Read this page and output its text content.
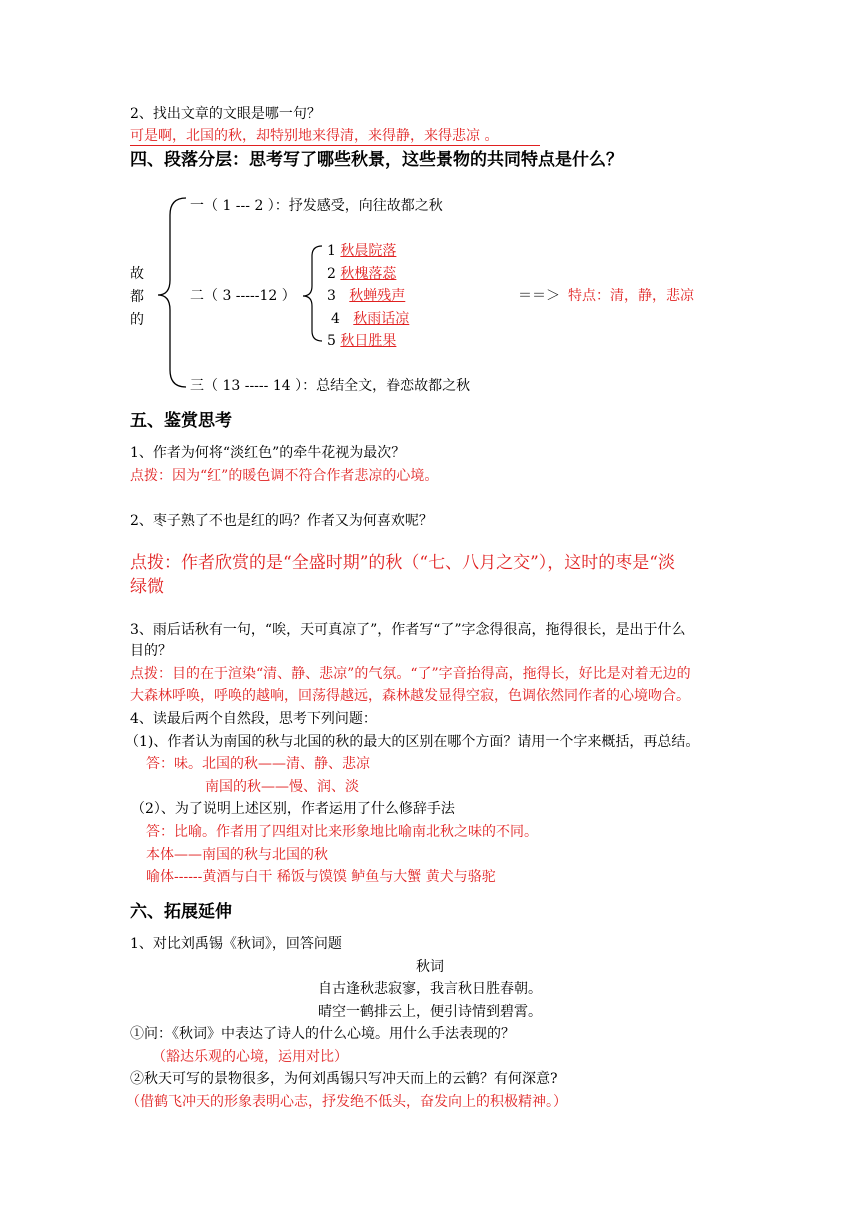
2、找出文章的文眼是哪一句？
可是啊，北国的秋，却特别地来得清，来得静，来得悲凉 。
四、段落分层：思考写了哪些秋景，这些景物的共同特点是什么？
故
都
的
一（ 1 --- 2 ）：抒发感受，向往故都之秋
二（ 3 -----12 ）
1 秋晨院落
2 秋槐落蕊
3 秋蝉残声
4 秋雨话凉
5 秋日胜果
＝＝＞ 特点：清，静，悲凉
三（ 13 ----- 14 ）：总结全文，眷恋故都之秋
五、鉴赏思考
1、作者为何将“淡红色”的牵牛花视为最次？
点拨：因为“红”的暖色调不符合作者悲凉的心境。
2、枣子熟了不也是红的吗？作者又为何喜欢呢？
点拨：作者欣赏的是“全盛时期”的秋（“七、八月之交”），这时的枣是“淡
绿微
3、雨后话秋有一句，“唉，天可真凉了”，作者写“了”字念得很高，拖得很长，是出于什么
目的？
点拨：目的在于渲染“清、静、悲凉”的气氛。“了”字音抬得高，拖得长，好比是对着无边的
大森林呼唤，呼唤的越响，回荡得越远，森林越发显得空寂，色调依然同作者的心境吻合。
4、读最后两个自然段，思考下列问题：
（1)、作者认为南国的秋与北国的秋的最大的区别在哪个方面？请用一个字来概括，再总结。
答：味。北国的秋——清、静、悲凉
南国的秋——慢、润、淡
（2）、为了说明上述区别，作者运用了什么修辞手法
答：比喻。作者用了四组对比来形象地比喻南北秋之味的不同。
本体——南国的秋与北国的秋
喻体------黄酒与白干 稀饭与馍馍 鲈鱼与大蟹 黄犬与骆驼
六、拓展延伸
1、对比刘禹锡《秋词》，回答问题
秋词
自古逢秋悲寂寥，我言秋日胜春朝。
晴空一鹤排云上，便引诗情到碧霄。
①问：《秋词》中表达了诗人的什么心境。用什么手法表现的？
（豁达乐观的心境，运用对比）
②秋天可写的景物很多，为何刘禹锡只写冲天而上的云鹤？有何深意?
（借鹤飞冲天的形象表明心志，抒发绝不低头，奋发向上的积极精神。）
